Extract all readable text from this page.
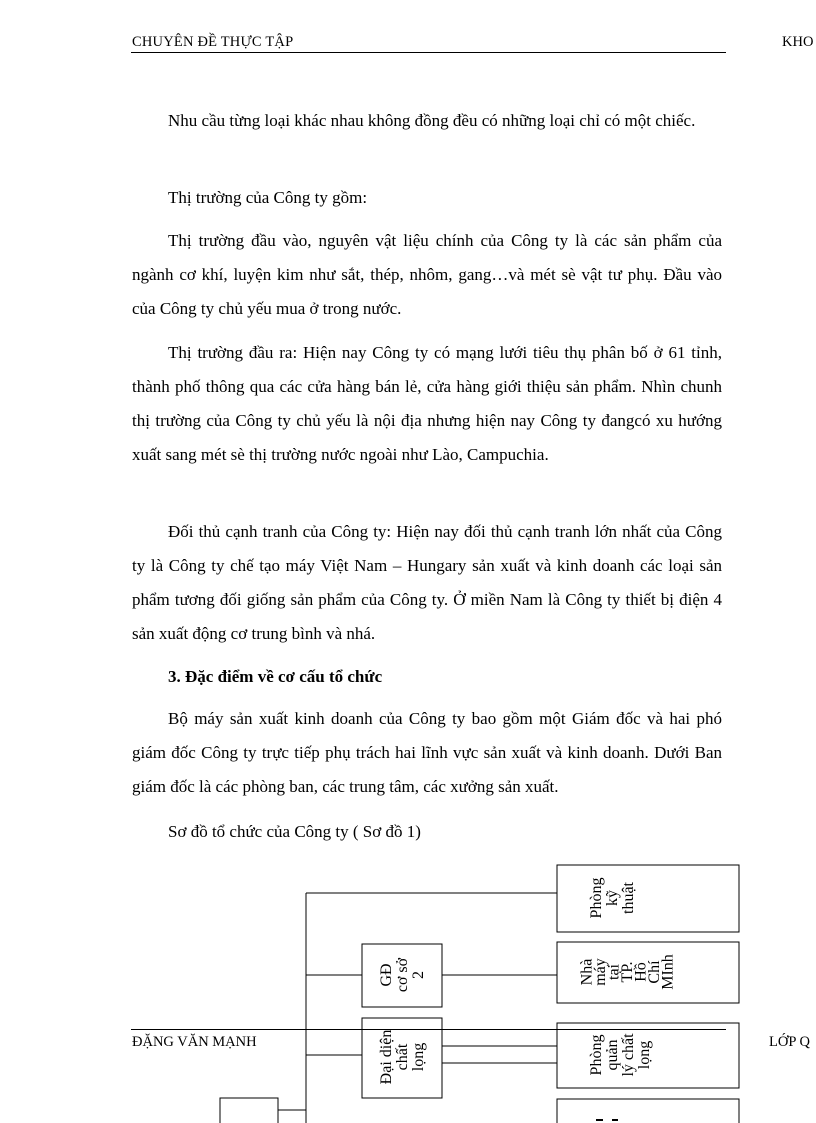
CHUYÊN ĐỀ THỰC TẬP	KHO

Nhu cầu từng loại khác nhau không đồng đều có những loại chỉ có một chiếc.

Thị trường của Công ty gồm:

Thị trường đầu vào, nguyên vật liệu chính của Công ty là các sản phẩm của ngành cơ khí, luyện kim như sắt, thép, nhôm, gang…và mét sè vật tư phụ. Đầu vào của Công ty chủ yếu mua ở trong nước.

Thị trường đầu ra: Hiện nay Công ty có mạng lưới tiêu thụ phân bố ở 61 tỉnh, thành phố thông qua các cửa hàng bán lẻ, cửa hàng giới thiệu sản phẩm. Nhìn chunh thị trường của Công ty chủ yếu là nội địa nhưng hiện nay Công ty đangcó xu hướng xuất sang mét sè thị trường nước ngoài như Lào, Campuchia.

Đối thủ cạnh tranh của Công ty: Hiện nay đối thủ cạnh tranh lớn nhất của Công ty là Công ty chế tạo máy Việt Nam – Hungary sản xuất và kinh doanh các loại sản phẩm tương đối giống sản phẩm của Công ty. Ở miền Nam là Công ty thiết bị điện 4 sản xuất động cơ trung bình và nhá.

3. Đặc điểm về cơ cấu tổ chức

Bộ máy sản xuất kinh doanh của Công ty bao gồm một Giám đốc và hai phó giám đốc Công ty trực tiếp phụ trách hai lĩnh vực sản xuất và kinh doanh. Dưới Ban giám đốc là các phòng ban, các trung tâm, các xưởng sản xuất.

Sơ đồ tổ chức của Công ty ( Sơ đồ 1)

Phòngkỹthuật
GĐcơ sở2	NhàmáytạiTP.HồChíMInh
Đại diệnchấtlọng	Phòngquảnlý chấtlọng
ĐẶNG VĂN MẠNH	LỚP Q
